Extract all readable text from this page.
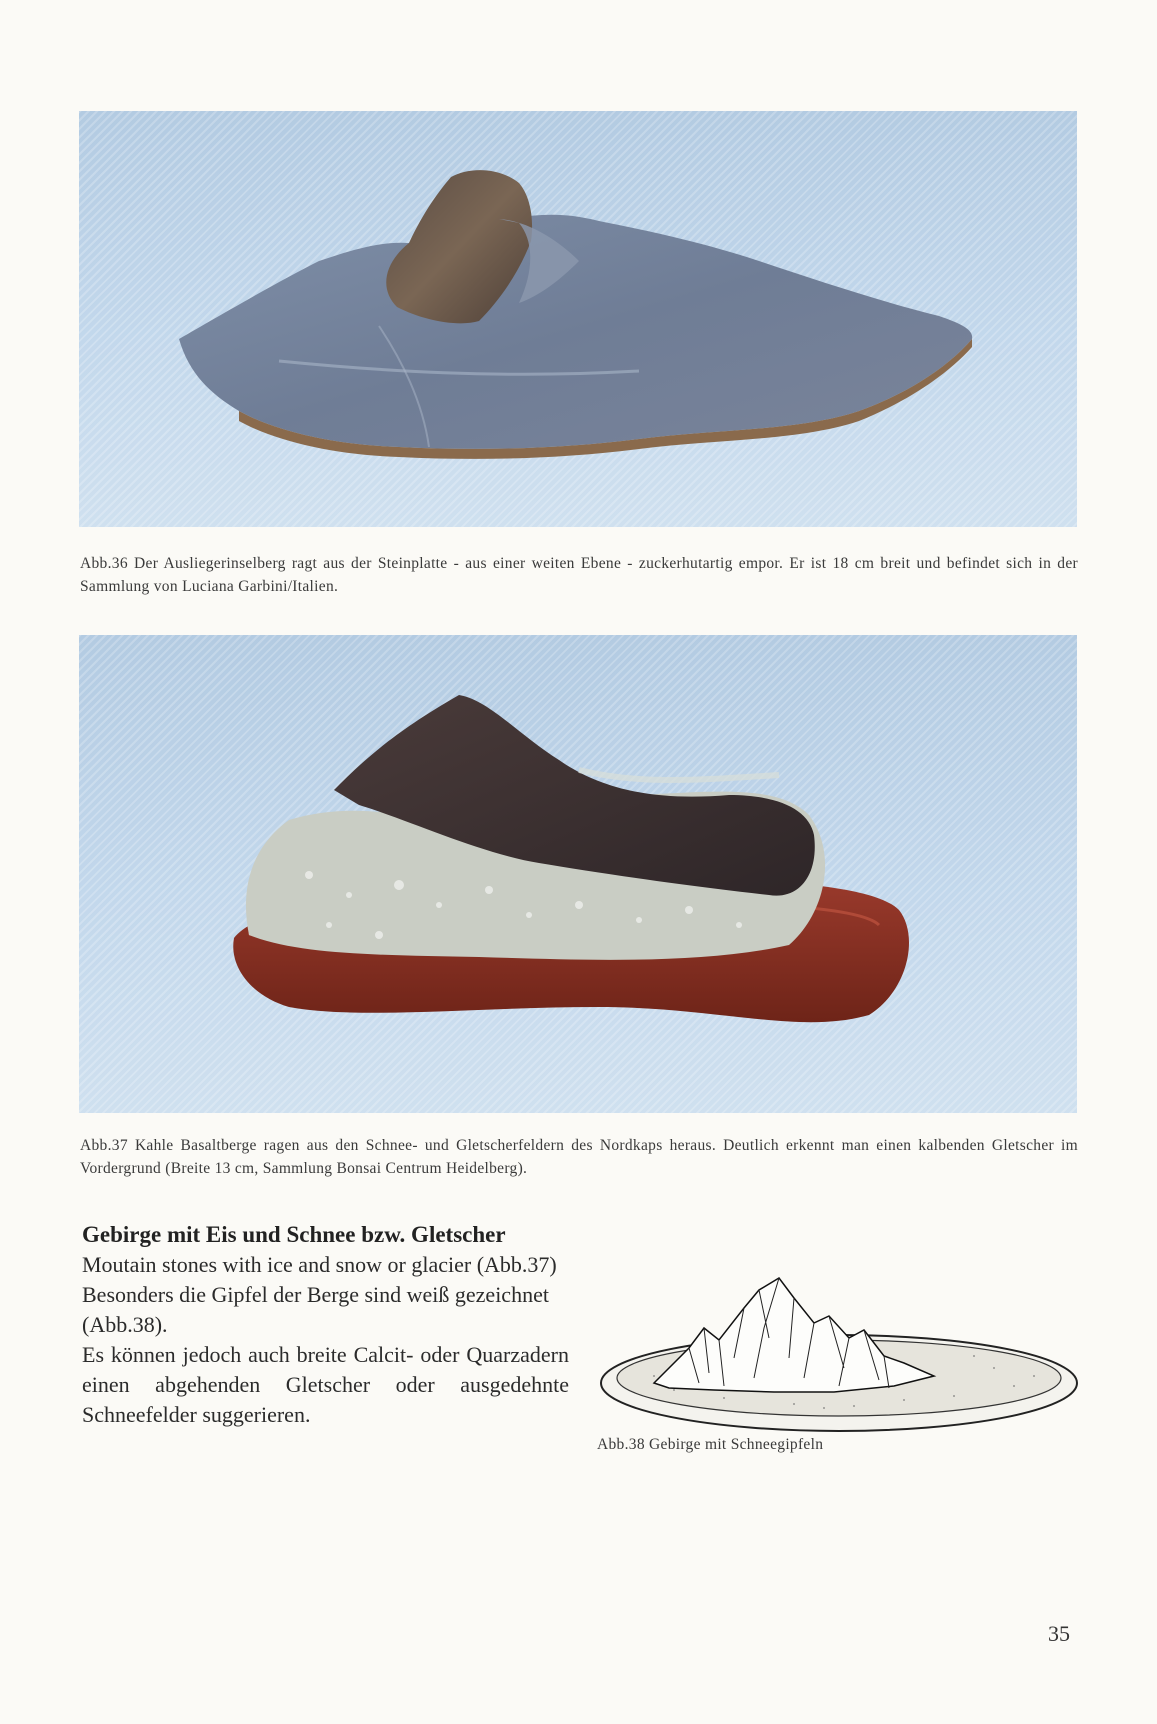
Abb.36 Der Ausliegerinselberg ragt aus der Steinplatte - aus einer weiten Ebene - zuckerhutartig empor. Er ist 18 cm breit und befindet sich in der Sammlung von Luciana Garbini/Italien.

Abb.37 Kahle Basaltberge ragen aus den Schnee- und Gletscherfeldern des Nordkaps heraus. Deutlich erkennt man einen kalbenden Gletscher im Vordergrund (Breite 13 cm, Sammlung Bonsai Centrum Heidelberg).

Gebirge mit Eis und Schnee bzw. Gletscher

Moutain stones with ice and snow or glacier (Abb.37)

Besonders die Gipfel der Berge sind weiß gezeichnet (Abb.38).

Es können jedoch auch breite Calcit- oder Quarzadern einen abgehenden Gletscher oder ausgedehnte Schneefelder suggerieren.

Abb.38 Gebirge mit Schneegipfeln

35
